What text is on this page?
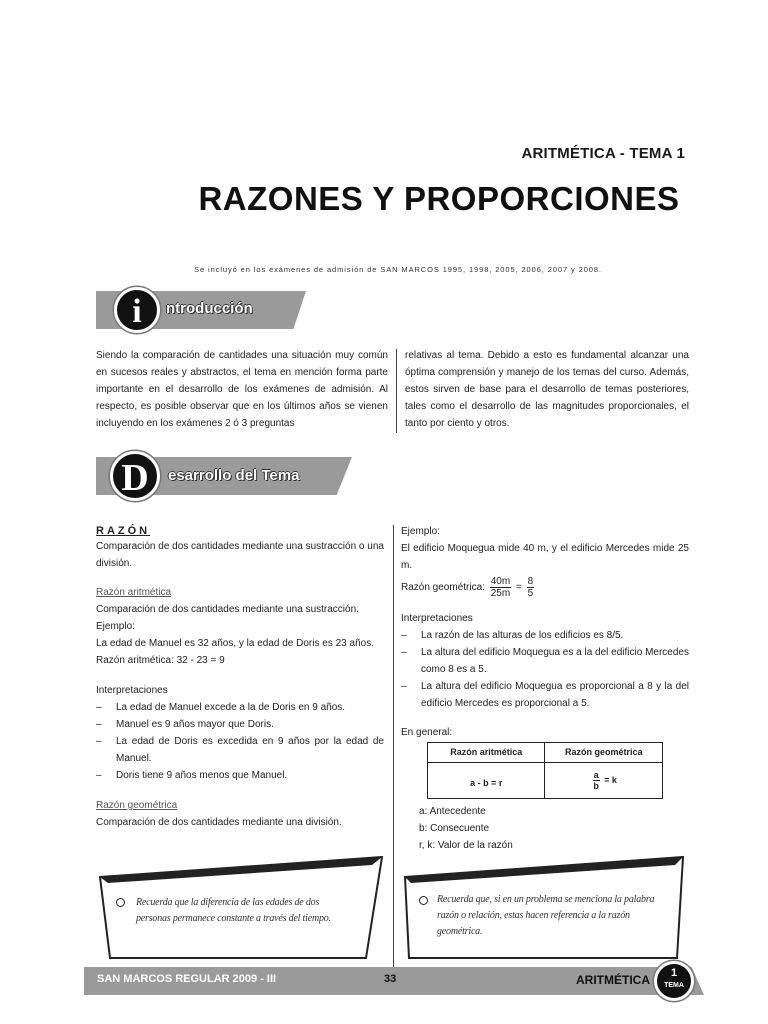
ARITMÉTICA - TEMA 1
RAZONES Y PROPORCIONES
Se incluyó en los exámenes de admisión de SAN MARCOS 1995, 1998, 2005, 2006, 2007 y 2008.
i	ntroducción
Siendo la comparación de cantidades una situación muy común en sucesos reales y abstractos, el tema en mención forma parte importante en el desarrollo de los exámenes de admisión. Al respecto, es posible observar que en los últimos años se vienen incluyendo en los exámenes 2 ó 3 preguntas
relativas al tema. Debido a esto es fundamental alcanzar una óptima comprensión y manejo de los temas del curso. Además, estos sirven de base para el desarrollo de temas posteriores, tales como el desarrollo de las magnitudes proporcionales, el tanto por ciento y otros.
D	esarrollo del Tema
RAZÓN
Comparación de dos cantidades mediante una sustracción o una división.
Razón aritmética
Comparación de dos cantidades mediante una sustracción.
Ejemplo:
La edad de Manuel es 32 años, y la edad de Doris es 23 años.
Razón aritmética: 32 - 23 = 9
Interpretaciones
– La edad de Manuel excede a la de Doris en 9 años.
– Manuel es 9 años mayor que Doris.
– La edad de Doris es excedida en 9 años por la edad de Manuel.
– Doris tiene 9 años menos que Manuel.
Razón geométrica
Comparación de dos cantidades mediante una división.
Ejemplo:
El edificio Moquegua mide 40 m, y el edificio Mercedes mide 25 m.
Razón geométrica: $\frac{40m}{25m} = \frac{8}{5}$
Interpretaciones
– La razón de las alturas de los edificios es 8/5.
– La altura del edificio Moquegua es a la del edificio Mercedes como 8 es a 5.
– La altura del edificio Moquegua es proporcional a 8 y la del edificio Mercedes es proporcional a 5.
En general:
Razón aritmética	Razón geométrica
a - b = r	$\frac{a}{b} = k$
a: Antecedente
b: Consecuente
r, k: Valor de la razón
Recuerda que la diferencia de las edades de dos personas permanece constante a través del tiempo.
Recuerda que, si en un problema se menciona la palabra razón o relación, estas hacen referencia a la razón geométrica.
SAN MARCOS REGULAR 2009 - III	33	ARITMÉTICA	1
TEMA
